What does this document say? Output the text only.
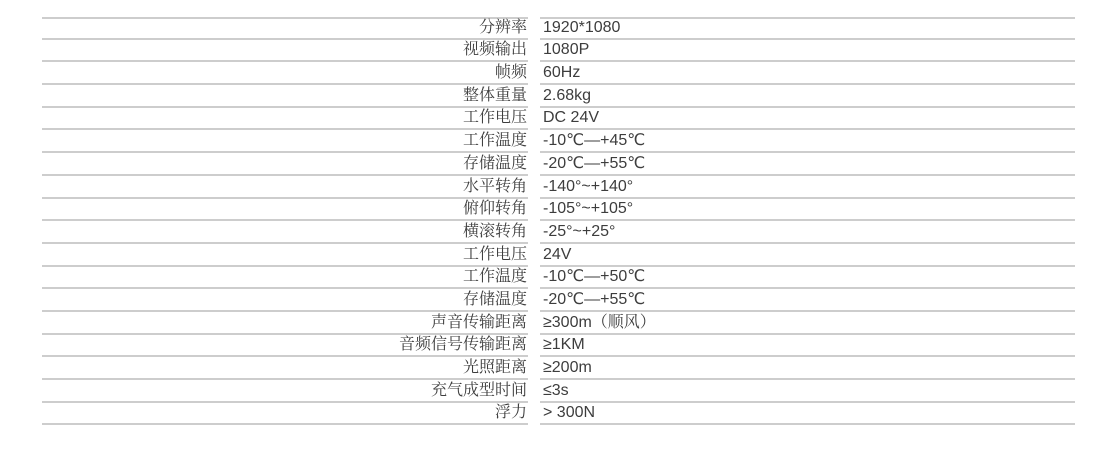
分辨率 1920*1080
视频输出 1080P
帧频 60Hz
整体重量 2.68kg
工作电压 DC 24V
工作温度 -10℃—+45℃
存储温度 -20℃—+55℃
水平转角 -140°~+140°
俯仰转角 -105°~+105°
横滚转角 -25°~+25°
工作电压 24V
工作温度 -10℃—+50℃
存储温度 -20℃—+55℃
声音传输距离 ≥300m（顺风）
音频信号传输距离 ≥1KM
光照距离 ≥200m
充气成型时间 ≤3s
浮力 > 300N
